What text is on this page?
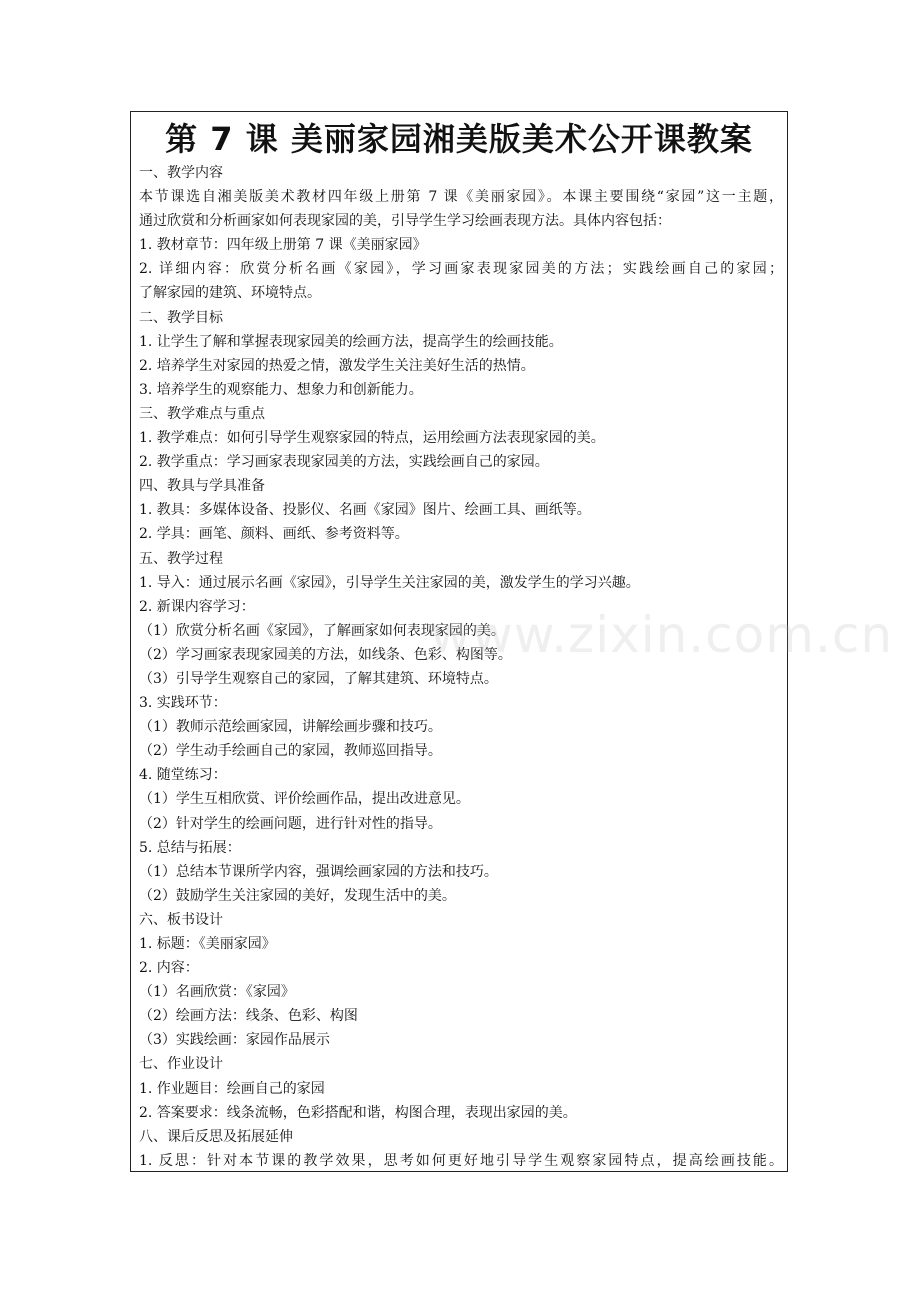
第 7 课 美丽家园湘美版美术公开课教案
一、教学内容
本节课选自湘美版美术教材四年级上册第 7 课《美丽家园》。本课主要围绕“家园”这一主题，
通过欣赏和分析画家如何表现家园的美，引导学生学习绘画表现方法。具体内容包括：
1. 教材章节：四年级上册第 7 课《美丽家园》
2. 详细内容：欣赏分析名画《家园》，学习画家表现家园美的方法；实践绘画自己的家园；
了解家园的建筑、环境特点。
二、教学目标
1. 让学生了解和掌握表现家园美的绘画方法，提高学生的绘画技能。
2. 培养学生对家园的热爱之情，激发学生关注美好生活的热情。
3. 培养学生的观察能力、想象力和创新能力。
三、教学难点与重点
1. 教学难点：如何引导学生观察家园的特点，运用绘画方法表现家园的美。
2. 教学重点：学习画家表现家园美的方法，实践绘画自己的家园。
四、教具与学具准备
1. 教具：多媒体设备、投影仪、名画《家园》图片、绘画工具、画纸等。
2. 学具：画笔、颜料、画纸、参考资料等。
五、教学过程
1. 导入：通过展示名画《家园》，引导学生关注家园的美，激发学生的学习兴趣。
2. 新课内容学习：
（1）欣赏分析名画《家园》，了解画家如何表现家园的美。
（2）学习画家表现家园美的方法，如线条、色彩、构图等。
（3）引导学生观察自己的家园，了解其建筑、环境特点。
3. 实践环节：
（1）教师示范绘画家园，讲解绘画步骤和技巧。
（2）学生动手绘画自己的家园，教师巡回指导。
4. 随堂练习：
（1）学生互相欣赏、评价绘画作品，提出改进意见。
（2）针对学生的绘画问题，进行针对性的指导。
5. 总结与拓展：
（1）总结本节课所学内容，强调绘画家园的方法和技巧。
（2）鼓励学生关注家园的美好，发现生活中的美。
六、板书设计
1. 标题：《美丽家园》
2. 内容：
（1）名画欣赏：《家园》
（2）绘画方法：线条、色彩、构图
（3）实践绘画：家园作品展示
七、作业设计
1. 作业题目：绘画自己的家园
2. 答案要求：线条流畅，色彩搭配和谐，构图合理，表现出家园的美。
八、课后反思及拓展延伸
1. 反思：针对本节课的教学效果，思考如何更好地引导学生观察家园特点，提高绘画技能。
www.zixin.com.cn
